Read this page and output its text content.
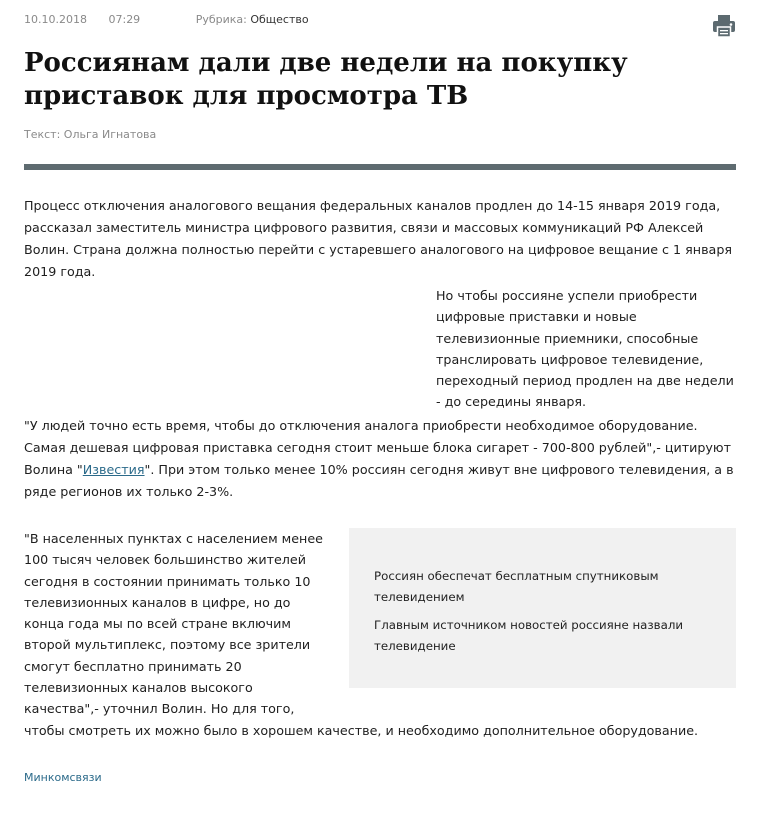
10.10.2018 07:29	Рубрика: Общество
Россиянам дали две недели на покупку приставок для просмотра ТВ
Текст: Ольга Игнатова

Процесс отключения аналогового вещания федеральных каналов продлен до 14-15 января 2019 года, рассказал заместитель министра цифрового развития, связи и массовых коммуникаций РФ Алексей Волин. Страна должна полностью перейти с устаревшего аналогового на цифровое вещание с 1 января 2019 года.

Но чтобы россияне успели приобрести цифровые приставки и новые телевизионные приемники, способные транслировать цифровое телевидение, переходный период продлен на две недели - до середины января.

"У людей точно есть время, чтобы до отключения аналога приобрести необходимое оборудование. Самая дешевая цифровая приставка сегодня стоит меньше блока сигарет - 700-800 рублей",- цитируют Волина "Известия". При этом только менее 10% россиян сегодня живут вне цифрового телевидения, а в ряде регионов их только 2-3%.

"В населенных пунктах с населением менее 100 тысяч человек большинство жителей сегодня в состоянии принимать только 10 телевизионных каналов в цифре, но до конца года мы по всей стране включим второй мультиплекс, поэтому все зрители смогут бесплатно принимать 20 телевизионных каналов высокого качества",- уточнил Волин. Но для того,

чтобы смотреть их можно было в хорошем качестве, и необходимо дополнительное оборудование.

Россиян обеспечат бесплатным спутниковым телевидением
Главным источником новостей россияне назвали телевидение
Минкомсвязи
